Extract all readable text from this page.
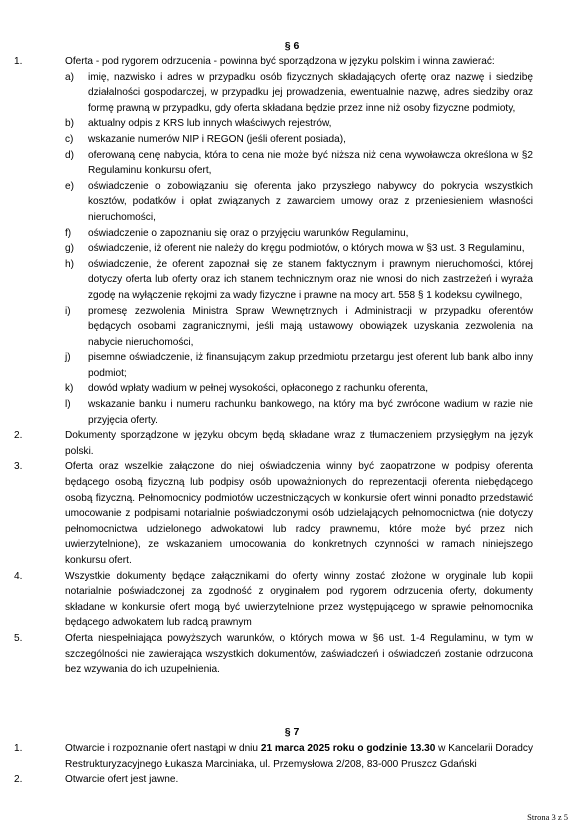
§ 6
1.	Oferta - pod rygorem odrzucenia - powinna być sporządzona w języku polskim i winna zawierać:
a) imię, nazwisko i adres w przypadku osób fizycznych składających ofertę oraz nazwę i siedzibę działalności gospodarczej, w przypadku jej prowadzenia, ewentualnie nazwę, adres siedziby oraz formę prawną w przypadku, gdy oferta składana będzie przez inne niż osoby fizyczne podmioty,
b) aktualny odpis z KRS lub innych właściwych rejestrów,
c) wskazanie numerów NIP i REGON (jeśli oferent posiada),
d) oferowaną cenę nabycia, która to cena nie może być niższa niż cena wywoławcza określona w §2 Regulaminu konkursu ofert,
e) oświadczenie o zobowiązaniu się oferenta jako przyszłego nabywcy do pokrycia wszystkich kosztów, podatków i opłat związanych z zawarciem umowy oraz z przeniesieniem własności nieruchomości,
f) oświadczenie o zapoznaniu się oraz o przyjęciu warunków Regulaminu,
g) oświadczenie, iż oferent nie należy do kręgu podmiotów, o których mowa w §3 ust. 3 Regulaminu,
h) oświadczenie, że oferent zapoznał się ze stanem faktycznym i prawnym nieruchomości, której dotyczy oferta lub oferty oraz ich stanem technicznym oraz nie wnosi do nich zastrzeżeń i wyraża zgodę na wyłączenie rękojmi za wady fizyczne i prawne na mocy art. 558 § 1 kodeksu cywilnego,
i) promesę zezwolenia Ministra Spraw Wewnętrznych i Administracji w przypadku oferentów będących osobami zagranicznymi, jeśli mają ustawowy obowiązek uzyskania zezwolenia na nabycie nieruchomości,
j) pisemne oświadczenie, iż finansującym zakup przedmiotu przetargu jest oferent lub bank albo inny podmiot;
k) dowód wpłaty wadium w pełnej wysokości, opłaconego z rachunku oferenta,
l) wskazanie banku i numeru rachunku bankowego, na który ma być zwrócone wadium w razie nie przyjęcia oferty.
2.	Dokumenty sporządzone w języku obcym będą składane wraz z tłumaczeniem przysięgłym na język polski.
3.	Oferta oraz wszelkie załączone do niej oświadczenia winny być zaopatrzone w podpisy oferenta będącego osobą fizyczną lub podpisy osób upoważnionych do reprezentacji oferenta niebędącego osobą fizyczną. Pełnomocnicy podmiotów uczestniczących w konkursie ofert winni ponadto przedstawić umocowanie z podpisami notarialnie poświadczonymi osób udzielających pełnomocnictwa (nie dotyczy pełnomocnictwa udzielonego adwokatowi lub radcy prawnemu, które może być przez nich uwierzytelnione), ze wskazaniem umocowania do konkretnych czynności w ramach niniejszego konkursu ofert.
4.	Wszystkie dokumenty będące załącznikami do oferty winny zostać złożone w oryginale lub kopii notarialnie poświadczonej za zgodność z oryginałem pod rygorem odrzucenia oferty, dokumenty składane w konkursie ofert mogą być uwierzytelnione przez występującego w sprawie pełnomocnika będącego adwokatem lub radcą prawnym
5.	Oferta niespełniająca powyższych warunków, o których mowa w §6 ust. 1-4 Regulaminu, w tym w szczególności nie zawierająca wszystkich dokumentów, zaświadczeń i oświadczeń zostanie odrzucona bez wzywania do ich uzupełnienia.
§ 7
1.	Otwarcie i rozpoznanie ofert nastąpi w dniu 21 marca 2025 roku o godzinie 13.30 w Kancelarii Doradcy Restrukturyzacyjnego Łukasza Marciniaka, ul. Przemysłowa 2/208, 83-000 Pruszcz Gdański
2.	Otwarcie ofert jest jawne.
Strona 3 z 5
